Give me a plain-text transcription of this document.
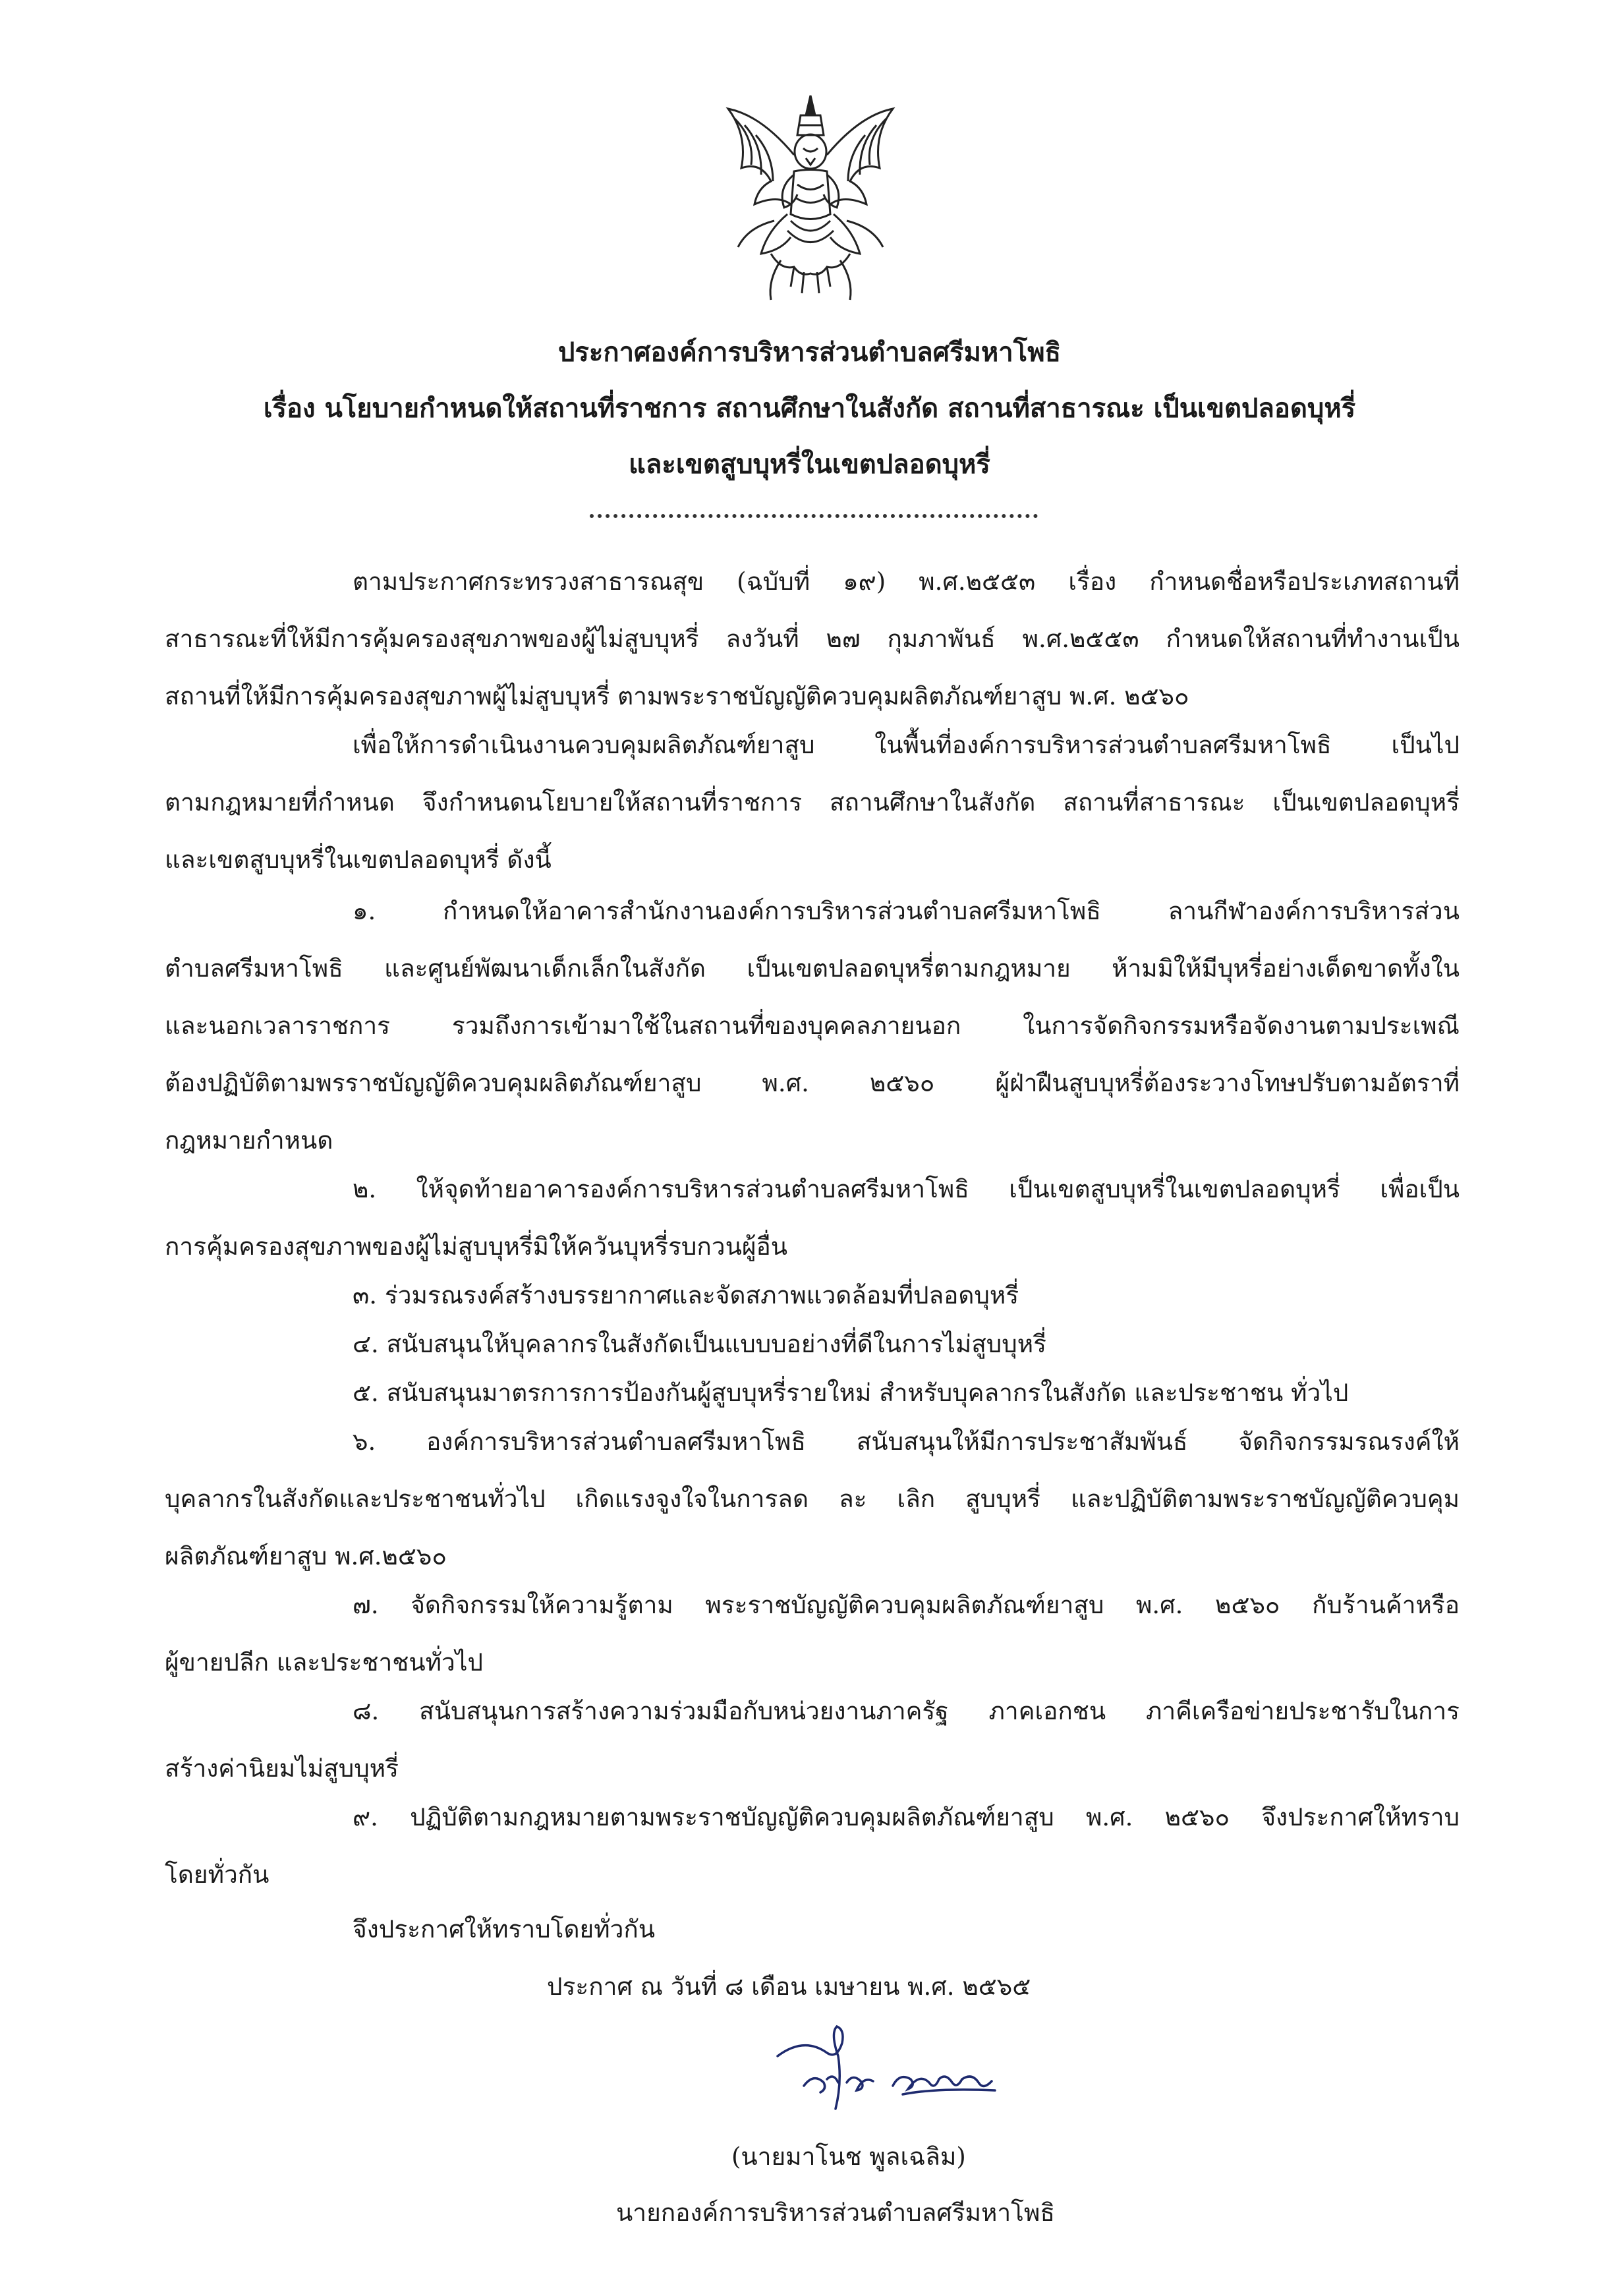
ประกาศองค์การบริหารส่วนตำบลศรีมหาโพธิ
เรื่อง นโยบายกำหนดให้สถานที่ราชการ สถานศึกษาในสังกัด สถานที่สาธารณะ เป็นเขตปลอดบุหรี่
และเขตสูบบุหรี่ในเขตปลอดบุหรี่
ตามประกาศกระทรวงสาธารณสุข (ฉบับที่ ๑๙) พ.ศ.๒๕๕๓ เรื่อง กำหนดชื่อหรือประเภทสถานที่
สาธารณะที่ให้มีการคุ้มครองสุขภาพของผู้ไม่สูบบุหรี่ ลงวันที่ ๒๗ กุมภาพันธ์ พ.ศ.๒๕๕๓ กำหนดให้สถานที่ทำงานเป็น
สถานที่ให้มีการคุ้มครองสุขภาพผู้ไม่สูบบุหรี่ ตามพระราชบัญญัติควบคุมผลิตภัณฑ์ยาสูบ พ.ศ. ๒๕๖๐
เพื่อให้การดำเนินงานควบคุมผลิตภัณฑ์ยาสูบ ในพื้นที่องค์การบริหารส่วนตำบลศรีมหาโพธิ เป็นไป
ตามกฎหมายที่กำหนด จึงกำหนดนโยบายให้สถานที่ราชการ สถานศึกษาในสังกัด สถานที่สาธารณะ เป็นเขตปลอดบุหรี่
และเขตสูบบุหรี่ในเขตปลอดบุหรี่ ดังนี้
๑. กำหนดให้อาคารสำนักงานองค์การบริหารส่วนตำบลศรีมหาโพธิ ลานกีฬาองค์การบริหารส่วน
ตำบลศรีมหาโพธิ และศูนย์พัฒนาเด็กเล็กในสังกัด เป็นเขตปลอดบุหรี่ตามกฎหมาย ห้ามมิให้มีบุหรี่อย่างเด็ดขาดทั้งใน
และนอกเวลาราชการ รวมถึงการเข้ามาใช้ในสถานที่ของบุคคลภายนอก ในการจัดกิจกรรมหรือจัดงานตามประเพณี
ต้องปฏิบัติตามพรราชบัญญัติควบคุมผลิตภัณฑ์ยาสูบ พ.ศ. ๒๕๖๐ ผู้ฝ่าฝืนสูบบุหรี่ต้องระวางโทษปรับตามอัตราที่
กฎหมายกำหนด
๒. ให้จุดท้ายอาคารองค์การบริหารส่วนตำบลศรีมหาโพธิ เป็นเขตสูบบุหรี่ในเขตปลอดบุหรี่ เพื่อเป็น
การคุ้มครองสุขภาพของผู้ไม่สูบบุหรี่มิให้ควันบุหรี่รบกวนผู้อื่น
๓. ร่วมรณรงค์สร้างบรรยากาศและจัดสภาพแวดล้อมที่ปลอดบุหรี่
๔. สนับสนุนให้บุคลากรในสังกัดเป็นแบบบอย่างที่ดีในการไม่สูบบุหรี่
๕. สนับสนุนมาตรการการป้องกันผู้สูบบุหรี่รายใหม่ สำหรับบุคลากรในสังกัด และประชาชน ทั่วไป
๖. องค์การบริหารส่วนตำบลศรีมหาโพธิ สนับสนุนให้มีการประชาสัมพันธ์ จัดกิจกรรมรณรงค์ให้
บุคลากรในสังกัดและประชาชนทั่วไป เกิดแรงจูงใจในการลด ละ เลิก สูบบุหรี่ และปฏิบัติตามพระราชบัญญัติควบคุม
ผลิตภัณฑ์ยาสูบ พ.ศ.๒๕๖๐
๗. จัดกิจกรรมให้ความรู้ตาม พระราชบัญญัติควบคุมผลิตภัณฑ์ยาสูบ พ.ศ. ๒๕๖๐ กับร้านค้าหรือ
ผู้ขายปลีก และประชาชนทั่วไป
๘. สนับสนุนการสร้างความร่วมมือกับหน่วยงานภาครัฐ ภาคเอกชน ภาคีเครือข่ายประชารับในการ
สร้างค่านิยมไม่สูบบุหรี่
๙. ปฏิบัติตามกฎหมายตามพระราชบัญญัติควบคุมผลิตภัณฑ์ยาสูบ พ.ศ. ๒๕๖๐ จึงประกาศให้ทราบ
โดยทั่วกัน
จึงประกาศให้ทราบโดยทั่วกัน
ประกาศ ณ วันที่ ๘ เดือน เมษายน พ.ศ. ๒๕๖๕
(นายมาโนช พูลเฉลิม)
นายกองค์การบริหารส่วนตำบลศรีมหาโพธิ
